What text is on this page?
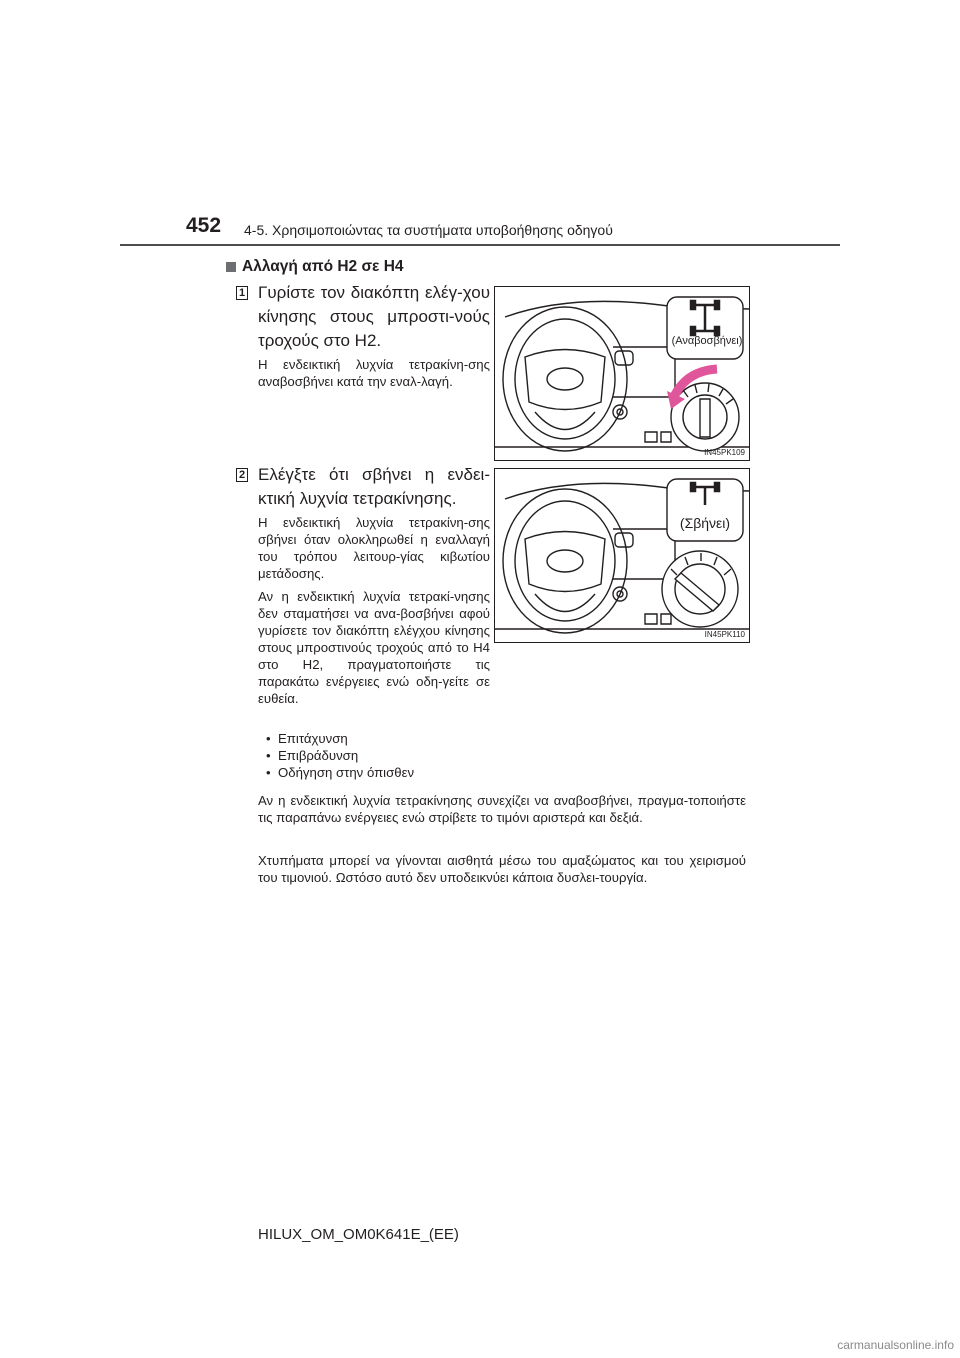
452 4-5. Χρησιμοποιώντας τα συστήματα υποβοήθησης οδηγού
Αλλαγή από H2 σε H4
1 Γυρίστε τον διακόπτη ελέγ-χου κίνησης στους μπροστι-νούς τροχούς στο H2.
Η ενδεικτική λυχνία τετρακίνη-σης αναβοσβήνει κατά την εναλ-λαγή.
(Αναβοσβήνει)
IN45PK109
2 Ελέγξτε ότι σβήνει η ενδει-κτική λυχνία τετρακίνησης.
Η ενδεικτική λυχνία τετρακίνη-σης σβήνει όταν ολοκληρωθεί η εναλλαγή του τρόπου λειτουρ-γίας κιβωτίου μετάδοσης.
Αν η ενδεικτική λυχνία τετρακί-νησης δεν σταματήσει να ανα-βοσβήνει αφού γυρίσετε τον διακόπτη ελέγχου κίνησης στους μπροστινούς τροχούς από το H4 στο H2, πραγματοποιήστε τις παρακάτω ενέργειες ενώ οδη-γείτε σε ευθεία.
• Επιτάχυνση
• Επιβράδυνση
• Οδήγηση στην όπισθεν
(Σβήνει)
IN45PK110
Αν η ενδεικτική λυχνία τετρακίνησης συνεχίζει να αναβοσβήνει, πραγμα-τοποιήστε τις παραπάνω ενέργειες ενώ στρίβετε το τιμόνι αριστερά και δεξιά.
Χτυπήματα μπορεί να γίνονται αισθητά μέσω του αμαξώματος και του χειρισμού του τιμονιού. Ωστόσο αυτό δεν υποδεικνύει κάποια δυσλει-τουργία.
HILUX_OM_OM0K641E_(EE)
carmanualsonline.info
